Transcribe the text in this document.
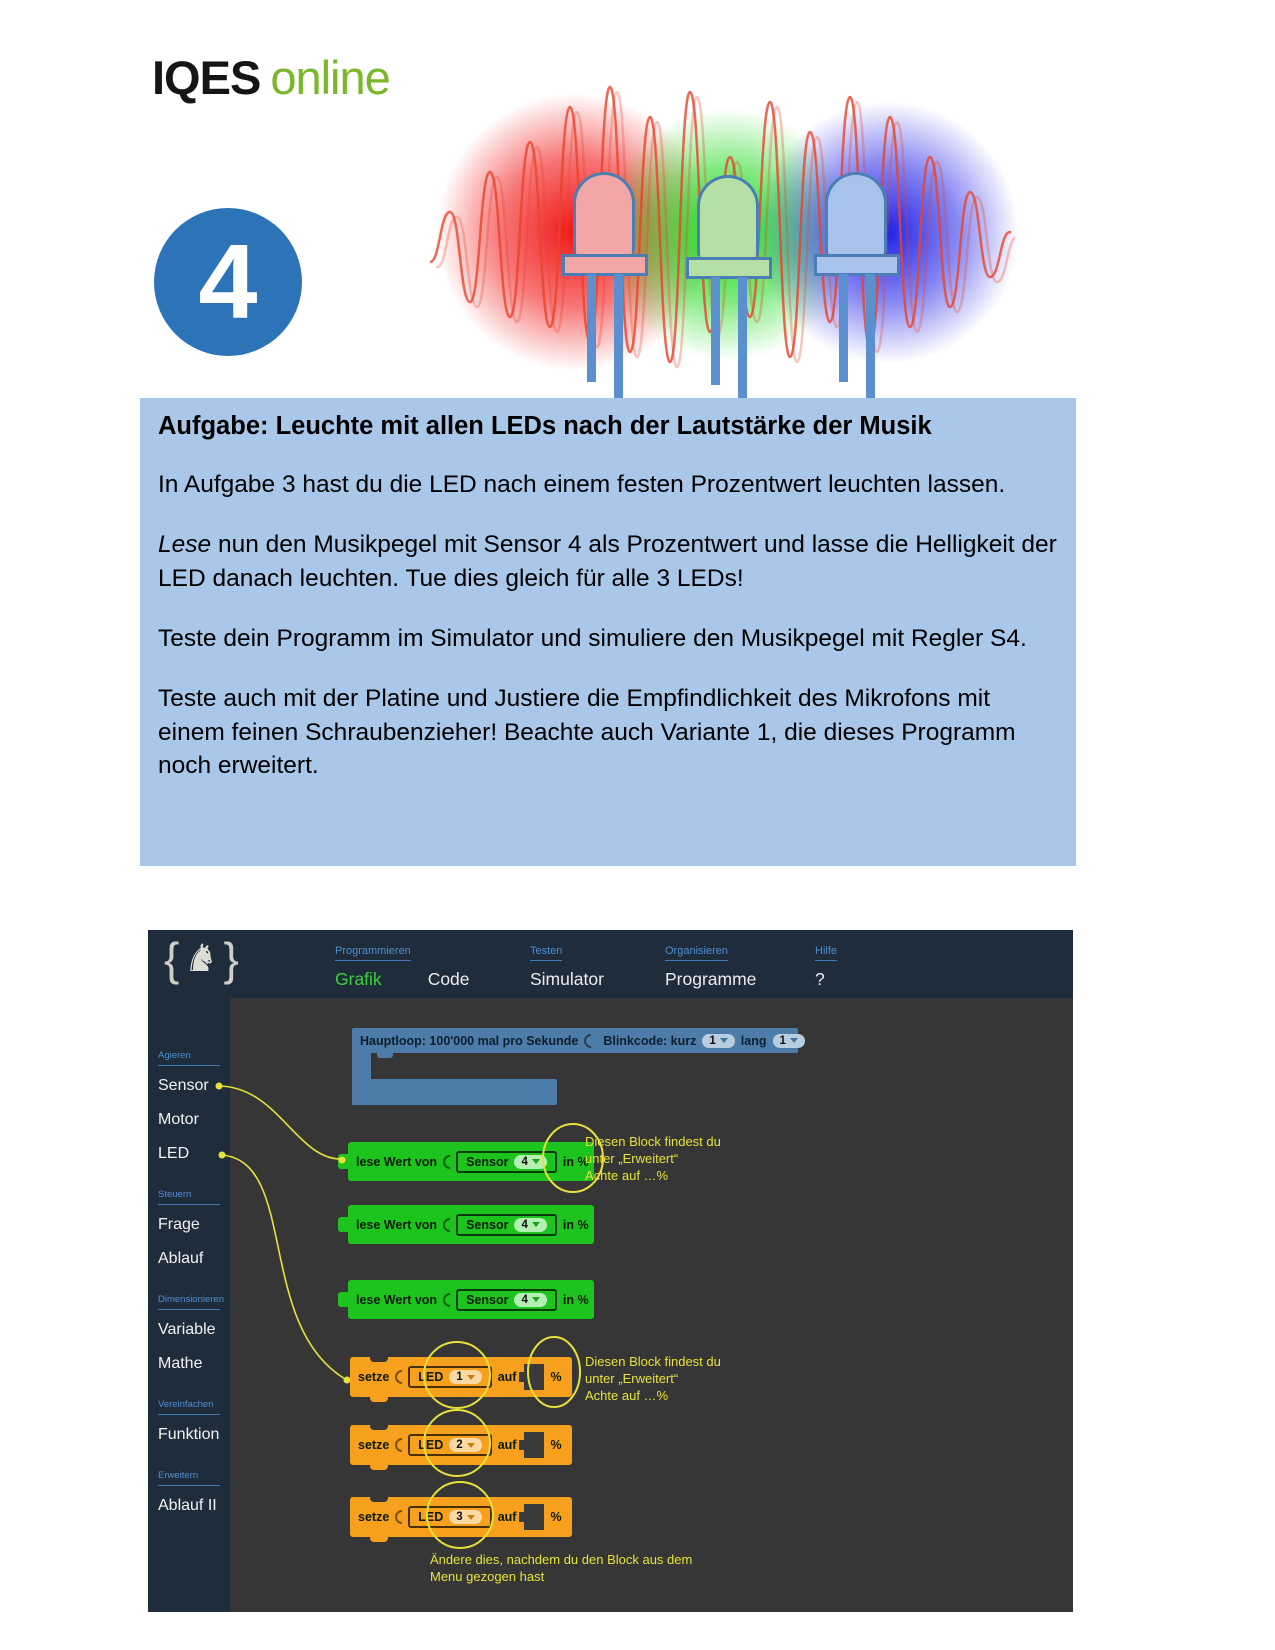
IQES online
4
Aufgabe: Leuchte mit allen LEDs nach der Lautstärke der Musik

In Aufgabe 3 hast du die LED nach einem festen Prozentwert leuchten lassen.

Lese nun den Musikpegel mit Sensor 4 als Prozentwert und lasse die Helligkeit der LED danach leuchten. Tue dies gleich für alle 3 LEDs!

Teste dein Programm im Simulator und simuliere den Musikpegel mit Regler S4.

Teste auch mit der Platine und Justiere die Empfindlichkeit des Mikrofons mit einem feinen Schraubenzieher! Beachte auch Variante 1, die dieses Programm noch erweitert.

{ ♞ }	Programmieren
Grafik	Code
Testen
Simulator
Organisieren
Programme
Hilfe
?
Agieren
Sensor
Motor
LED
Steuern
Frage
Ablauf
Dimensionieren
Variable
Mathe
Vereinfachen
Funktion
Erweitern
Ablauf II
Hauptloop: 100'000 mal pro Sekunde Blinkcode: kurz 1 lang 1
lese Wert von Sensor 4	in %
lese Wert von Sensor 4	in %
lese Wert von Sensor 4	in %
setze LED 1	auf	%
setze LED 2	auf	%
setze LED 3	auf	%
Diesen Block findest du
unter „Erweitert“
Achte auf …%
Diesen Block findest du
unter „Erweitert“
Achte auf …%
Ändere dies, nachdem du den Block aus dem
Menu gezogen hast
